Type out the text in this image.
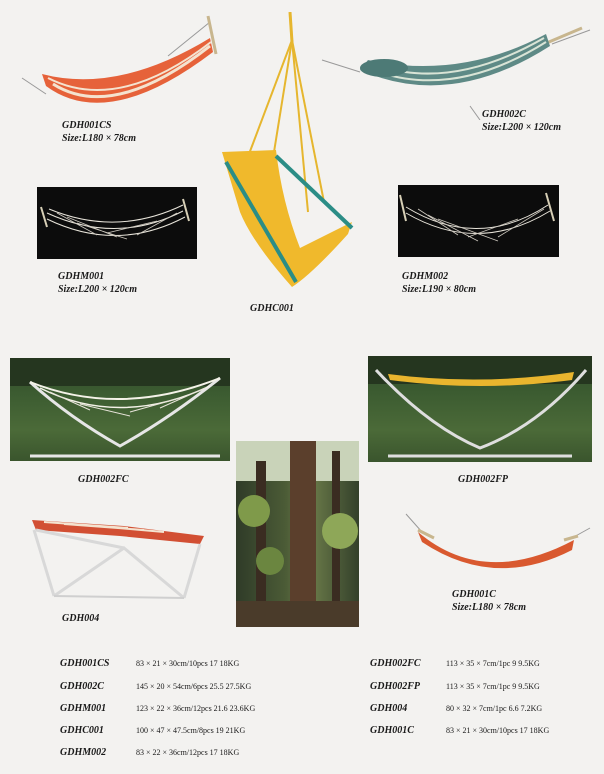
GDH001CS
Size:L180 × 78cm
GDH002C
Size:L200 × 120cm
GDHM001
Size:L200 × 120cm
GDHM002
Size:L190 × 80cm
GDHC001
GDH002FC	GDH002FP
GDH004
GDH001C
Size:L180 × 78cm
GDH001CS	83 × 21 × 30cm/10pcs 17 18KG
GDH002C	145 × 20 × 54cm/6pcs 25.5 27.5KG
GDHM001	123 × 22 × 36cm/12pcs 21.6 23.6KG
GDHC001	100 × 47 × 47.5cm/8pcs 19 21KG
GDHM002	83 × 22 × 36cm/12pcs 17 18KG
GDH002FC	113 × 35 × 7cm/1pc 9 9.5KG
GDH002FP	113 × 35 × 7cm/1pc 9 9.5KG
GDH004	80 × 32 × 7cm/1pc 6.6 7.2KG
GDH001C	83 × 21 × 30cm/10pcs 17 18KG
